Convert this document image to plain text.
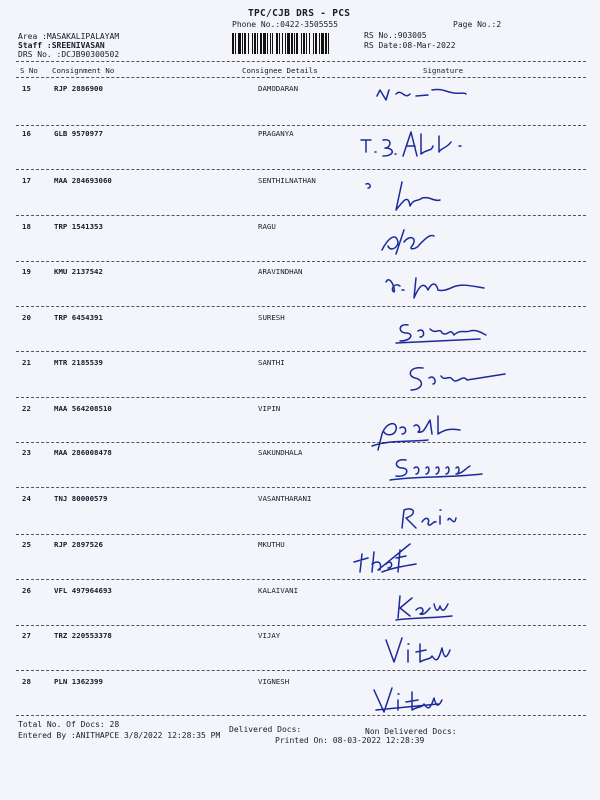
TPC/CJB DRS - PCS
Phone No.:0422-3505555	Page No.:2
Area :MASAKALIPALAYAM
Staff :SREENIVASAN
DRS No. :DCJB90300502
RS No.:903005
RS Date:08-Mar-2022
S No Consignment No	Consignee Details	Signature
15	RJP 2886900	DAMODARAN
16	GLB 9570977	PRAGANYA
17	MAA 284693060	SENTHILNATHAN
18	TRP 1541353	RAGU
19	KMU 2137542	ARAVINDHAN
20	TRP 6454391	SURESH
21	MTR 2185539	SANTHI
22	MAA 564208510	VIPIN
23	MAA 286008478	SAKUNDHALA
24	TNJ 80000579	VASANTHARANI
25	RJP 2897526	MKUTHU
26	VFL 497964693	KALAIVANI
27	TRZ 220553378	VIJAY
28	PLN 1362399	VIGNESH
Total No. Of Docs: 28
Delivered Docs:	Non Delivered Docs:
Entered By :ANITHAPCE 3/8/2022 12:28:35 PM
Printed On: 08-03-2022 12:28:39
